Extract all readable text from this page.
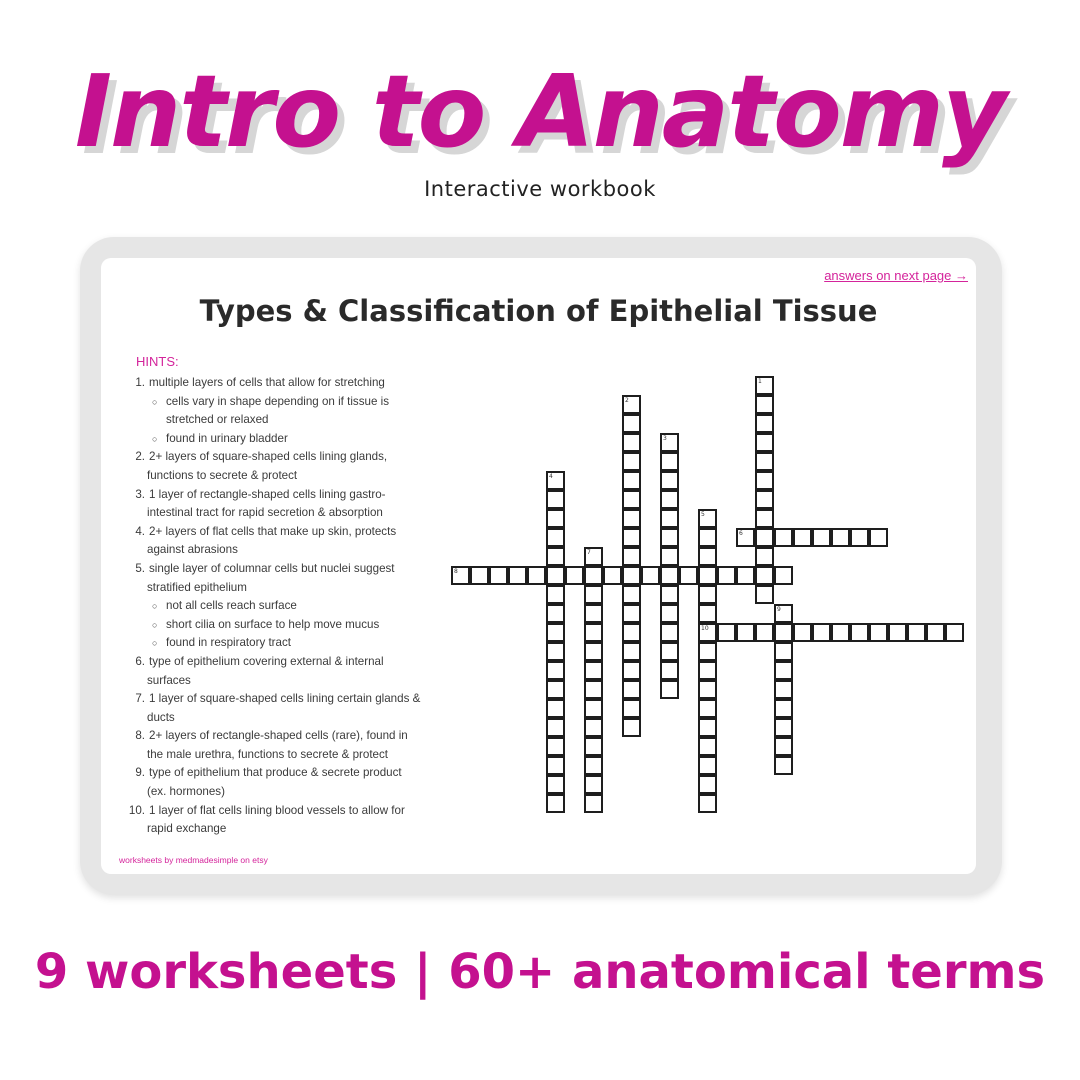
Intro to Anatomy
Interactive workbook
answers on next page →
Types & Classification of Epithelial Tissue
HINTS:
1. multiple layers of cells that allow for stretching
○ cells vary in shape depending on if tissue is
stretched or relaxed
○ found in urinary bladder
2. 2+ layers of square-shaped cells lining glands,
functions to secrete & protect
3. 1 layer of rectangle-shaped cells lining gastro-
intestinal tract for rapid secretion & absorption
4. 2+ layers of flat cells that make up skin, protects
against abrasions
5. single layer of columnar cells but nuclei suggest
stratified epithelium
○ not all cells reach surface
○ short cilia on surface to help move mucus
○ found in respiratory tract
6. type of epithelium covering external & internal
surfaces
7. 1 layer of square-shaped cells lining certain glands &
ducts
8. 2+ layers of rectangle-shaped cells (rare), found in
the male urethra, functions to secrete & protect
9. type of epithelium that produce & secrete product
(ex. hormones)
10. 1 layer of flat cells lining blood vessels to allow for
rapid exchange
1
2
3
4
5
6
7
8
9
10
worksheets by medmadesimple on etsy
9 worksheets | 60+ anatomical terms
